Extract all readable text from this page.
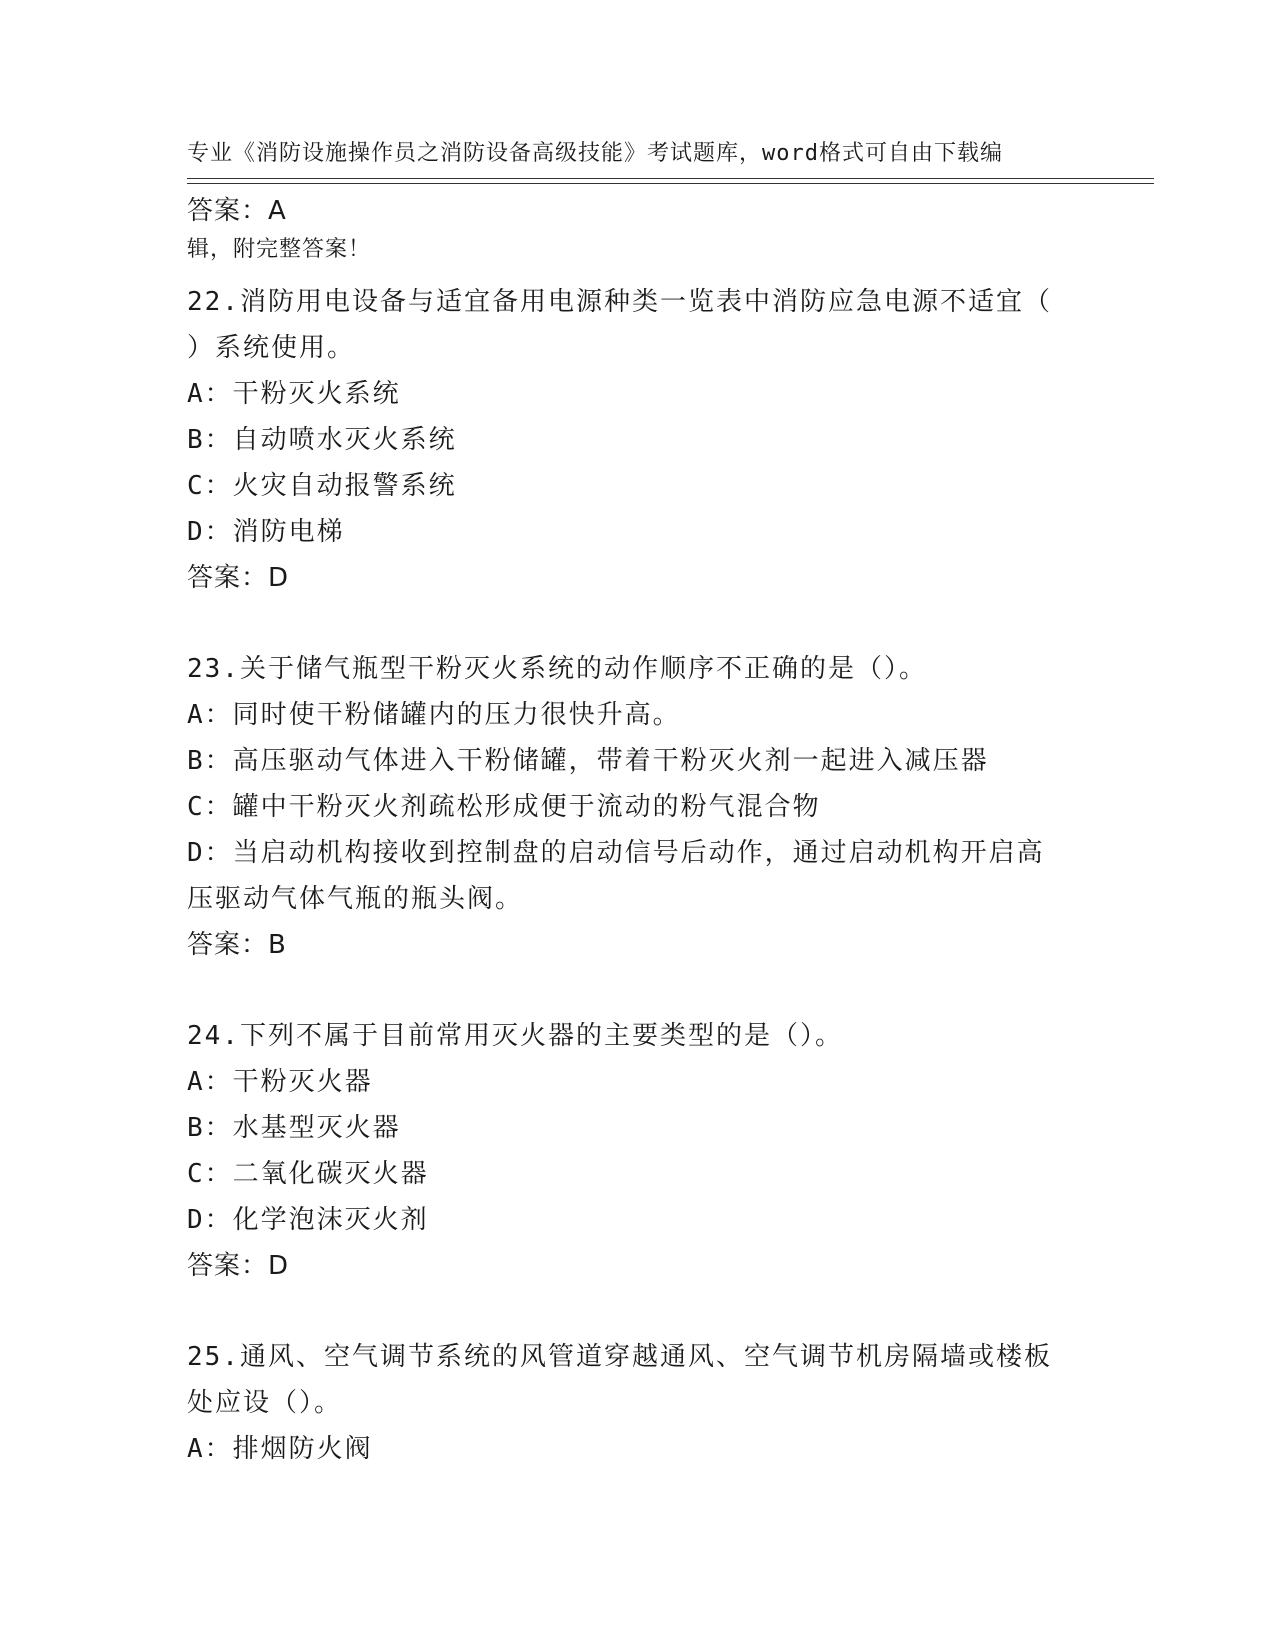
专业《消防设施操作员之消防设备高级技能》考试题库，word格式可自由下载编

辑，附完整答案！

答案：A
22.消防用电设备与适宜备用电源种类一览表中消防应急电源不适宜（
）系统使用。
A：干粉灭火系统
B：自动喷水灭火系统
C：火灾自动报警系统
D：消防电梯
答案：D
23.关于储气瓶型干粉灭火系统的动作顺序不正确的是（）。
A：同时使干粉储罐内的压力很快升高。
B：高压驱动气体进入干粉储罐，带着干粉灭火剂一起进入减压器
C：罐中干粉灭火剂疏松形成便于流动的粉气混合物
D：当启动机构接收到控制盘的启动信号后动作，通过启动机构开启高
压驱动气体气瓶的瓶头阀。
答案：B
24.下列不属于目前常用灭火器的主要类型的是（）。
A：干粉灭火器
B：水基型灭火器
C：二氧化碳灭火器
D：化学泡沫灭火剂
答案：D
25.通风、空气调节系统的风管道穿越通风、空气调节机房隔墙或楼板
处应设（）。
A：排烟防火阀
